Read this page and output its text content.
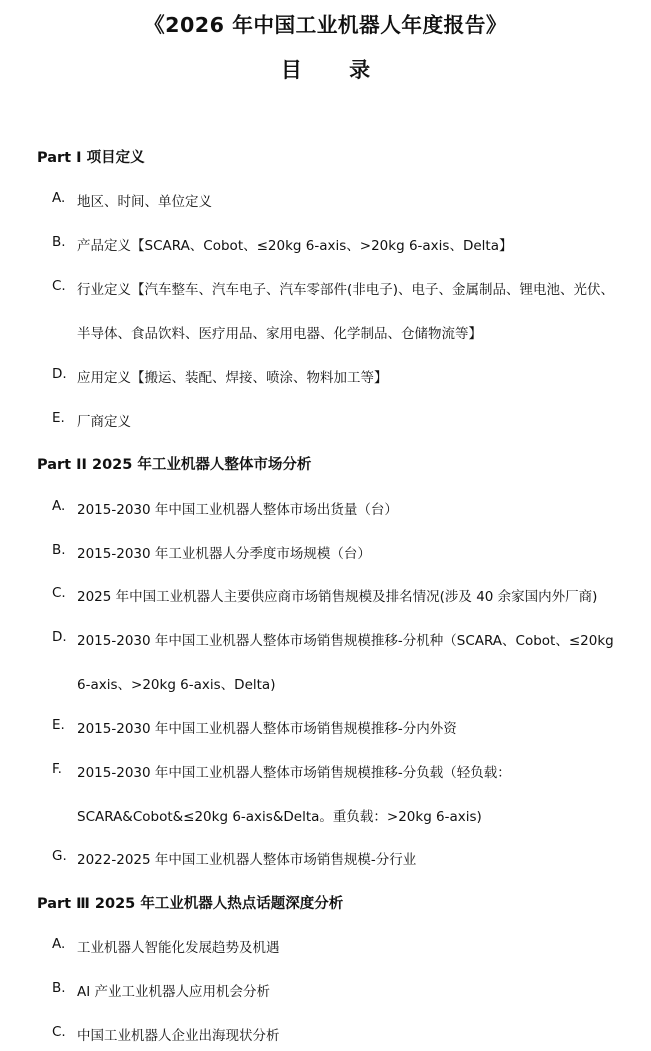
《2026 年中国工业机器人年度报告》
目 录
Part Ⅰ 项目定义
A. 地区、时间、单位定义
B. 产品定义【SCARA、Cobot、≤20kg 6-axis、>20kg 6-axis、Delta】
C. 行业定义【汽车整车、汽车电子、汽车零部件(非电子)、电子、金属制品、锂电池、光伏、
半导体、食品饮料、医疗用品、家用电器、化学制品、仓储物流等】
D. 应用定义【搬运、装配、焊接、喷涂、物料加工等】
E. 厂商定义
Part II 2025 年工业机器人整体市场分析
A. 2015-2030 年中国工业机器人整体市场出货量（台）
B. 2015-2030 年工业机器人分季度市场规模（台）
C. 2025 年中国工业机器人主要供应商市场销售规模及排名情况(涉及 40 余家国内外厂商)
D. 2015-2030 年中国工业机器人整体市场销售规模推移-分机种（SCARA、Cobot、≤20kg
6-axis、>20kg 6-axis、Delta)
E. 2015-2030 年中国工业机器人整体市场销售规模推移-分内外资
F.	2015-2030 年中国工业机器人整体市场销售规模推移-分负载（轻负载：
SCARA&Cobot&≤20kg 6-axis&Delta。重负载：>20kg 6-axis)
G. 2022-2025 年中国工业机器人整体市场销售规模-分行业
Part Ⅲ 2025 年工业机器人热点话题深度分析
A. 工业机器人智能化发展趋势及机遇
B. AI 产业工业机器人应用机会分析
C. 中国工业机器人企业出海现状分析
